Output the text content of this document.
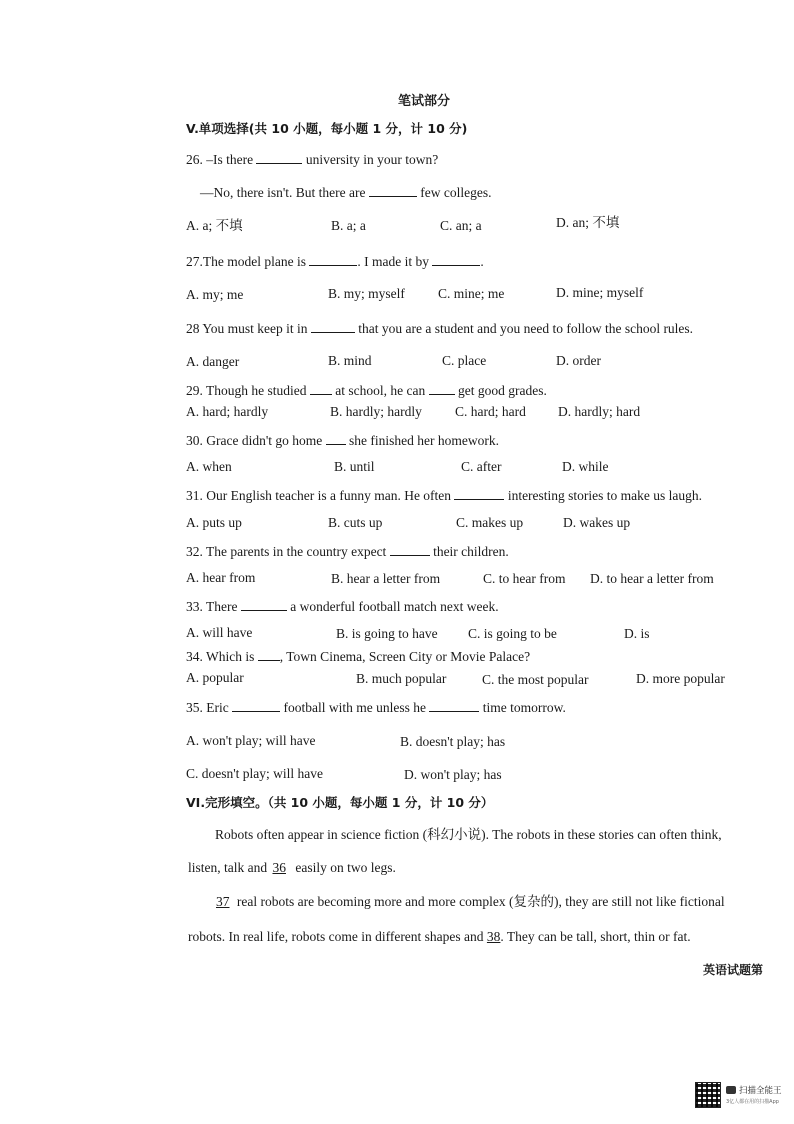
笔试部分
V.单项选择(共 10 小题，每小题 1 分，计 10 分)
26. –Is there	university in your town?
—No, there isn't. But there are	few colleges.
A. a; 不填	B. a; a	C. an; a	D. an; 不填
27.The model plane is	. I made it by	.
A. my; me	B. my; myself C. mine; me	D. mine; myself
28 You must keep it in	that you are a student and you need to follow the school rules.
A. danger	B. mind	C. place	D. order
29. Though he studied at school, he can get good grades.
A. hard; hardly	B. hardly; hardly C. hard; hard D. hardly; hard
30. Grace didn't go home she finished her homework.
A. when	B. until	C. after	D. while
31. Our English teacher is a funny man. He often	interesting stories to make us laugh.
A. puts up	B. cuts up	C. makes up	D. wakes up
32. The parents in the country expect	their children.
A. hear from	B. hear a letter from	C. to hear from D. to hear a letter from
33. There	a wonderful football match next week.
A. will have	B. is going to have C. is going to be	D. is
34. Which is , Town Cinema, Screen City or Movie Palace?
A. popular	B. much popular	C. the most popular	D. more popular
35. Eric	football with me unless he	time tomorrow.
A. won't play; will have	B. doesn't play; has
C. doesn't play; will have	D. won't play; has
VI.完形填空。（共 10 小题，每小题 1 分，计 10 分）
Robots often appear in science fiction (科幻小说). The robots in these stories can often think,
listen, talk and 36 easily on two legs.
37 real robots are becoming more and more complex (复杂的), they are still not like fictional
robots. In real life, robots come in different shapes and 38. They can be tall, short, thin or fat.
英语试题第
扫描全能王
3亿人都在用的扫描App
